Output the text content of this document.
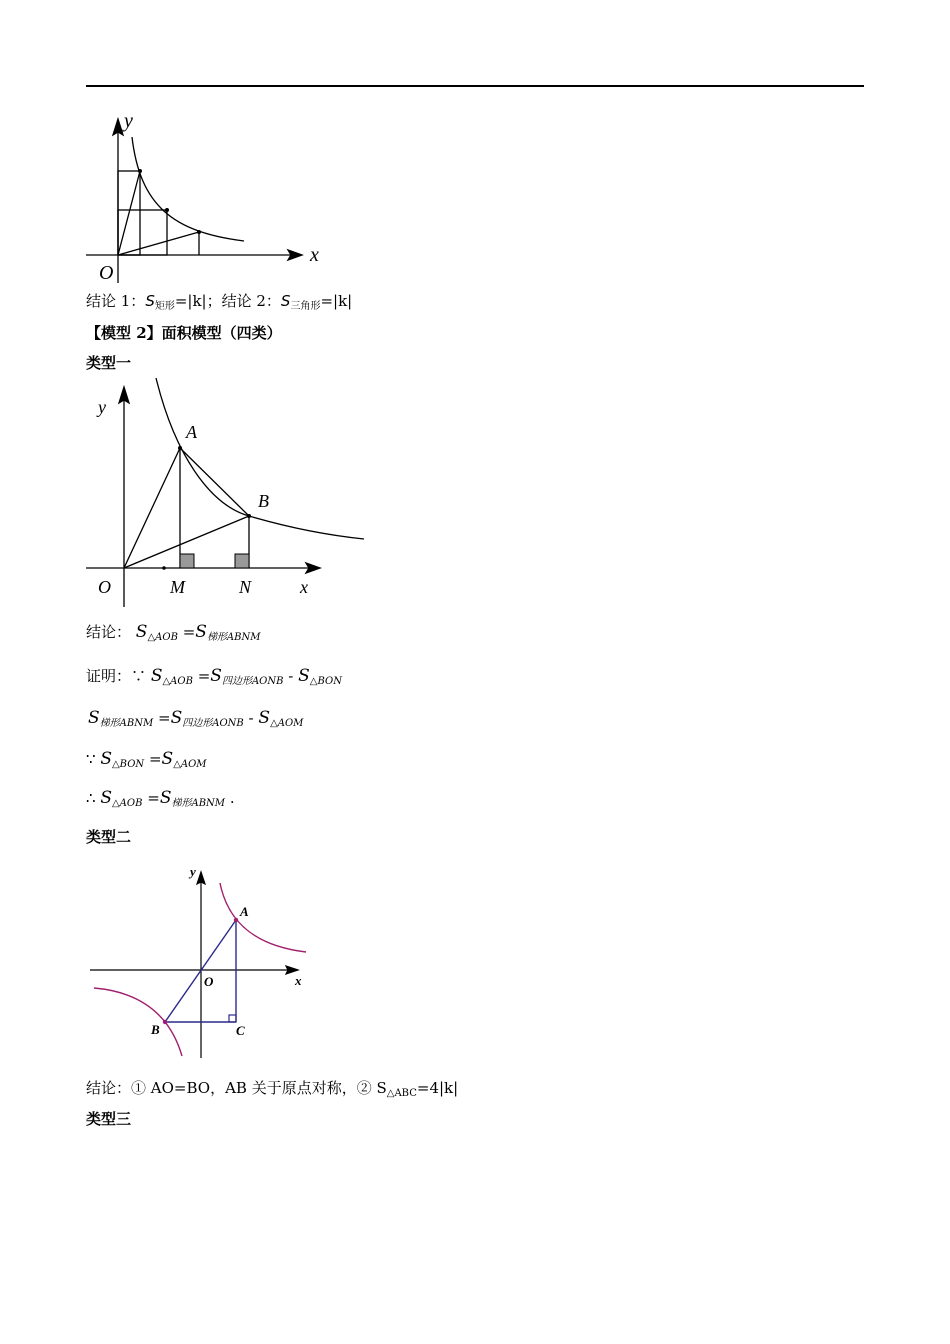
x
y
O
结论 1：$S_{矩形}=|k|$；结论 2：$S_{三角形}=|k|$
【模型 2】面积模型（四类）
类型一
A
B
y
O	M	N	x
结论： $S_{\triangle AOB} =S_{梯形ABNM}$
证明：∵ $S_{\triangle AOB} =S_{四边形AONB} - S_{\triangle BON}$
$S_{梯形ABNM} =S_{四边形AONB} - S_{\triangle AOM}$
∵ $S_{\triangle BON} =S_{\triangle AOM}$
∴ $S_{\triangle AOB} =S_{梯形ABNM}$ .
类型二
y
x
O
A
B	C
结论：① AO=BO，AB 关于原点对称，② $S_{\triangle ABC}=4|k|$
类型三
